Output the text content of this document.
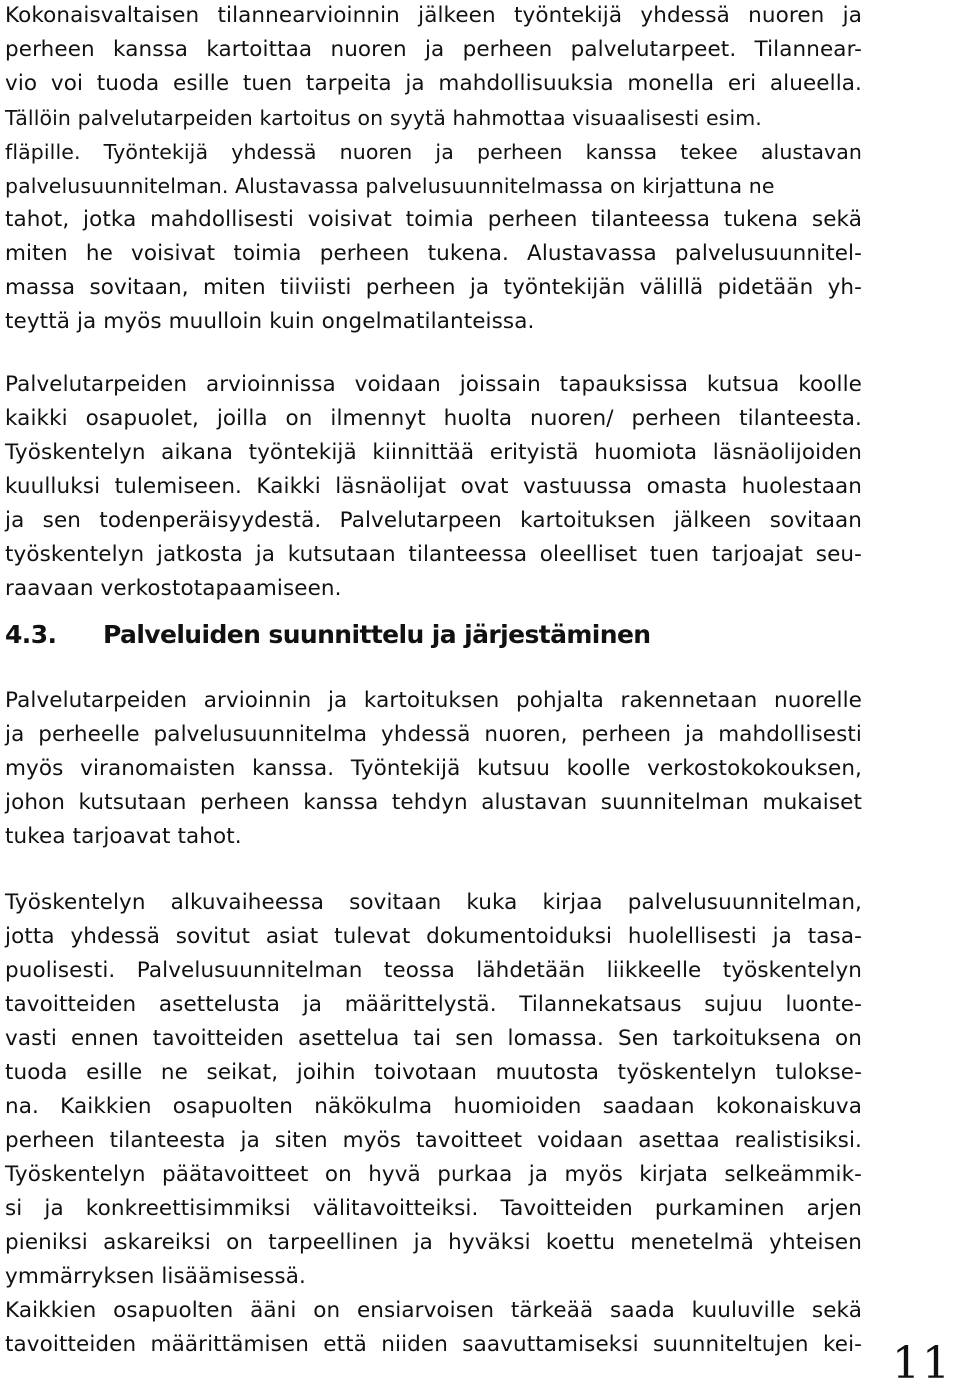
Kokonaisvaltaisen tilannearvioinnin jälkeen työntekijä yhdessä nuoren ja

perheen kanssa kartoittaa nuoren ja perheen palvelutarpeet. Tilannear-

vio voi tuoda esille tuen tarpeita ja mahdollisuuksia monella eri alueella.

Tällöin palvelutarpeiden kartoitus on syytä hahmottaa visuaalisesti esim.

fläpille. Työntekijä yhdessä nuoren ja perheen kanssa tekee alustavan

palvelusuunnitelman. Alustavassa palvelusuunnitelmassa on kirjattuna ne

tahot, jotka mahdollisesti voisivat toimia perheen tilanteessa tukena sekä

miten he voisivat toimia perheen tukena. Alustavassa palvelusuunnitel-

massa sovitaan, miten tiiviisti perheen ja työntekijän välillä pidetään yh-

teyttä ja myös muulloin kuin ongelmatilanteissa.

Palvelutarpeiden arvioinnissa voidaan joissain tapauksissa kutsua koolle

kaikki osapuolet, joilla on ilmennyt huolta nuoren/ perheen tilanteesta.

Työskentelyn aikana työntekijä kiinnittää erityistä huomiota läsnäolijoiden

kuulluksi tulemiseen. Kaikki läsnäolijat ovat vastuussa omasta huolestaan

ja sen todenperäisyydestä. Palvelutarpeen kartoituksen jälkeen sovitaan

työskentelyn jatkosta ja kutsutaan tilanteessa oleelliset tuen tarjoajat seu-

raavaan verkostotapaamiseen.

4.3. Palveluiden suunnittelu ja järjestäminen

Palvelutarpeiden arvioinnin ja kartoituksen pohjalta rakennetaan nuorelle

ja perheelle palvelusuunnitelma yhdessä nuoren, perheen ja mahdollisesti

myös viranomaisten kanssa. Työntekijä kutsuu koolle verkostokokouksen,

johon kutsutaan perheen kanssa tehdyn alustavan suunnitelman mukaiset

tukea tarjoavat tahot.

Työskentelyn alkuvaiheessa sovitaan kuka kirjaa palvelusuunnitelman,

jotta yhdessä sovitut asiat tulevat dokumentoiduksi huolellisesti ja tasa-

puolisesti. Palvelusuunnitelman teossa lähdetään liikkeelle työskentelyn

tavoitteiden asettelusta ja määrittelystä. Tilannekatsaus sujuu luonte-

vasti ennen tavoitteiden asettelua tai sen lomassa. Sen tarkoituksena on

tuoda esille ne seikat, joihin toivotaan muutosta työskentelyn tulokse-

na. Kaikkien osapuolten näkökulma huomioiden saadaan kokonaiskuva

perheen tilanteesta ja siten myös tavoitteet voidaan asettaa realistisiksi.

Työskentelyn päätavoitteet on hyvä purkaa ja myös kirjata selkeämmik-

si ja konkreettisimmiksi välitavoitteiksi. Tavoitteiden purkaminen arjen

pieniksi askareiksi on tarpeellinen ja hyväksi koettu menetelmä yhteisen

ymmärryksen lisäämisessä.

Kaikkien osapuolten ääni on ensiarvoisen tärkeää saada kuuluville sekä

tavoitteiden määrittämisen että niiden saavuttamiseksi suunniteltujen kei- 11
